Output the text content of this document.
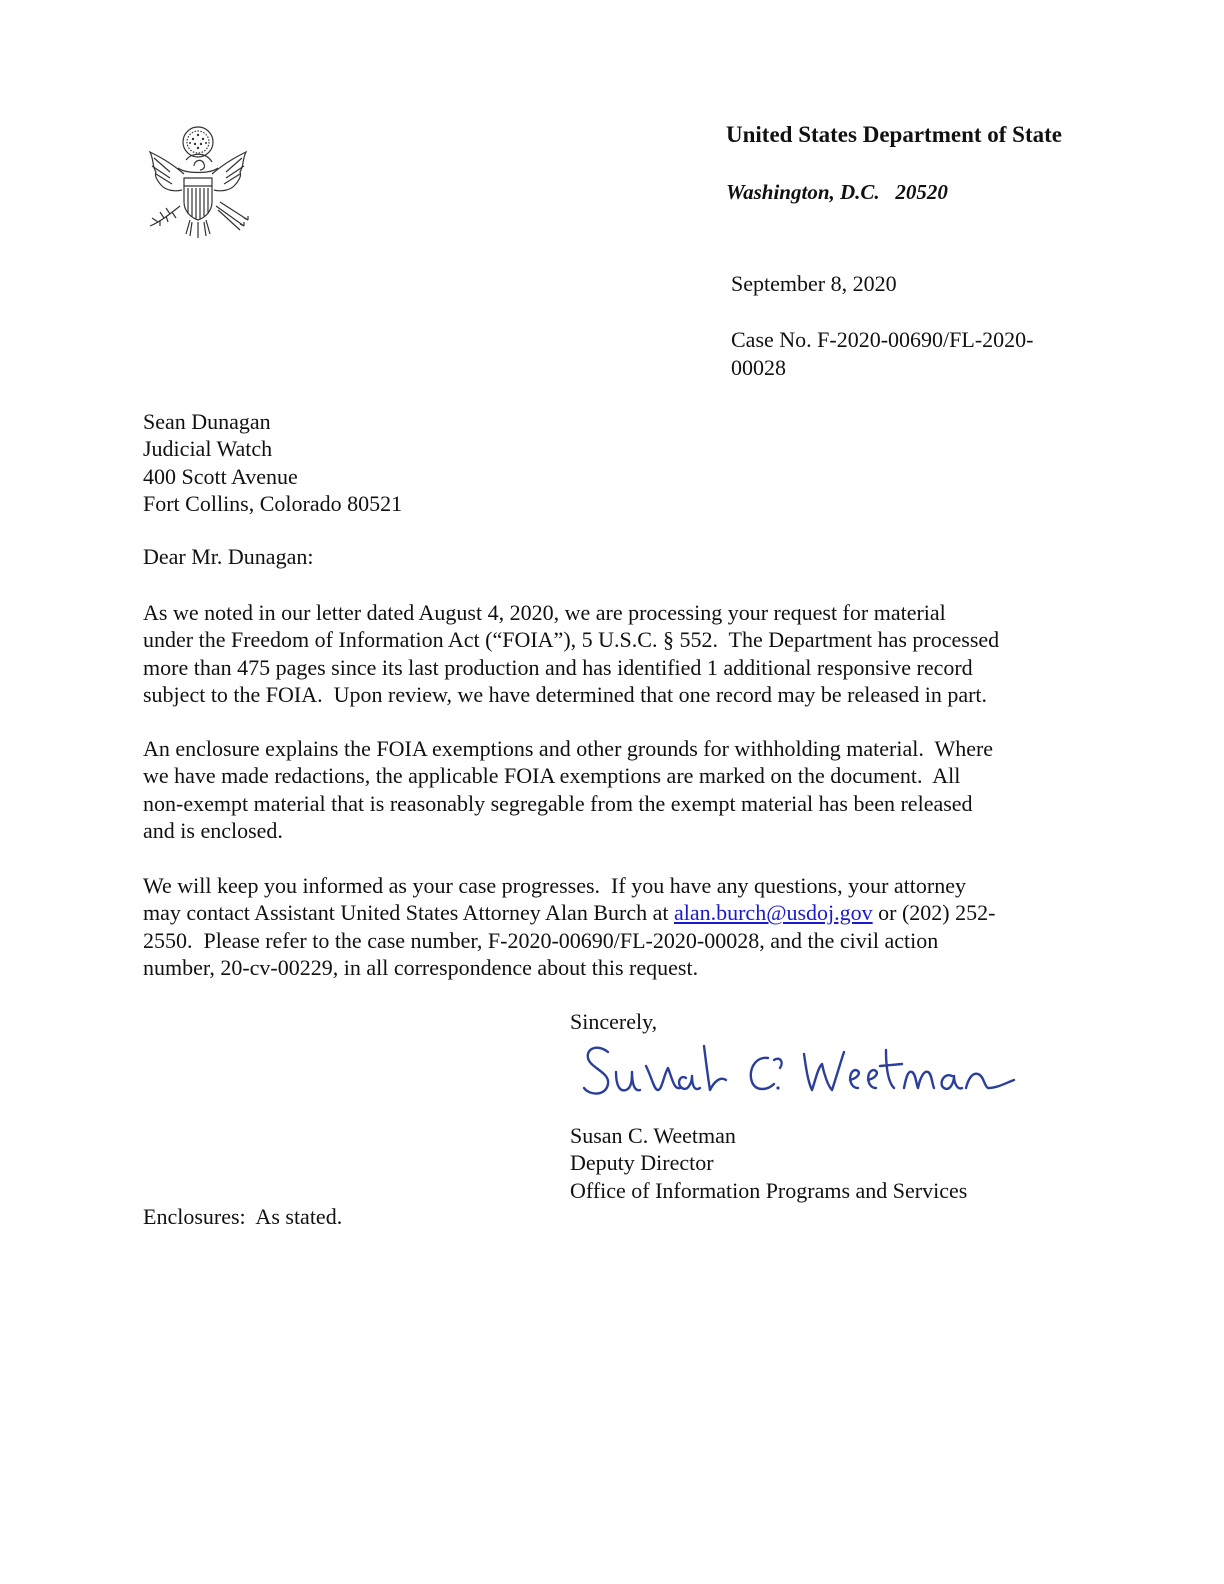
United States Department of State
Washington, D.C.   20520
September 8, 2020
Case No. F-2020-00690/FL-2020-
00028
Sean Dunagan
Judicial Watch
400 Scott Avenue
Fort Collins, Colorado 80521
Dear Mr. Dunagan:
As we noted in our letter dated August 4, 2020, we are processing your request for material
under the Freedom of Information Act (“FOIA”), 5 U.S.C. § 552.  The Department has processed
more than 475 pages since its last production and has identified 1 additional responsive record
subject to the FOIA.  Upon review, we have determined that one record may be released in part.
An enclosure explains the FOIA exemptions and other grounds for withholding material.  Where
we have made redactions, the applicable FOIA exemptions are marked on the document.  All
non-exempt material that is reasonably segregable from the exempt material has been released
and is enclosed.
We will keep you informed as your case progresses.  If you have any questions, your attorney
may contact Assistant United States Attorney Alan Burch at alan.burch@usdoj.gov or (202) 252-
2550.  Please refer to the case number, F-2020-00690/FL-2020-00028, and the civil action
number, 20-cv-00229, in all correspondence about this request.
Sincerely,
Susan C. Weetman
Deputy Director
Office of Information Programs and Services
Enclosures:  As stated.
